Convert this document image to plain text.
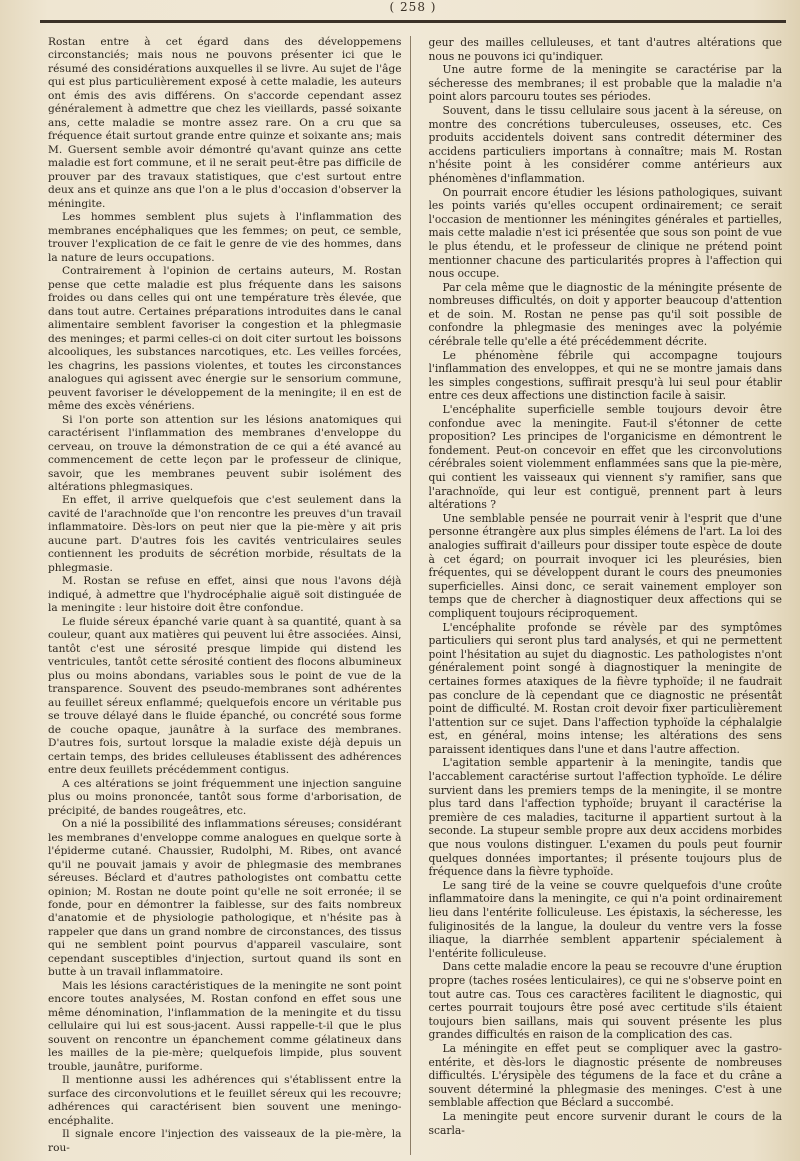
( 258 )

Rostan entre à cet égard dans des développemens circonstanciés; mais nous ne pouvons présenter ici que le résumé des considérations auxquelles il se livre. Au sujet de l'âge qui est plus particulièrement exposé à cette maladie, les auteurs ont émis des avis différens. On s'accorde cependant assez généralement à admettre que chez les vieillards, passé soixante ans, cette maladie se montre assez rare. On a cru que sa fréquence était surtout grande entre quinze et soixante ans; mais M. Guersent semble avoir démontré qu'avant quinze ans cette maladie est fort commune, et il ne serait peut-être pas difficile de prouver par des travaux statistiques, que c'est surtout entre deux ans et quinze ans que l'on a le plus d'occasion d'observer la méningite.

Les hommes semblent plus sujets à l'inflammation des membranes encéphaliques que les femmes; on peut, ce semble, trouver l'explication de ce fait le genre de vie des hommes, dans la nature de leurs occupations.

Contrairement à l'opinion de certains auteurs, M. Rostan pense que cette maladie est plus fréquente dans les saisons froides ou dans celles qui ont une température très élevée, que dans tout autre. Certaines préparations introduites dans le canal alimentaire semblent favoriser la congestion et la phlegmasie des meninges; et parmi celles-ci on doit citer surtout les boissons alcooliques, les substances narcotiques, etc. Les veilles forcées, les chagrins, les passions violentes, et toutes les circonstances analogues qui agissent avec énergie sur le sensorium commune, peuvent favoriser le développement de la meningite; il en est de même des excès vénériens.

Si l'on porte son attention sur les lésions anatomiques qui caractérisent l'inflammation des membranes d'enveloppe du cerveau, on trouve la démonstration de ce qui a été avancé au commencement de cette leçon par le professeur de clinique, savoir, que les membranes peuvent subir isolément des altérations phlegmasiques.

En effet, il arrive quelquefois que c'est seulement dans la cavité de l'arachnoïde que l'on rencontre les preuves d'un travail inflammatoire. Dès-lors on peut nier que la pie-mère y ait pris aucune part. D'autres fois les cavités ventriculaires seules contiennent les produits de sécrétion morbide, résultats de la phlegmasie.

M. Rostan se refuse en effet, ainsi que nous l'avons déjà indiqué, à admettre que l'hydrocéphalie aiguë soit distinguée de la meningite : leur histoire doit être confondue.

Le fluide séreux épanché varie quant à sa quantité, quant à sa couleur, quant aux matières qui peuvent lui être associées. Ainsi, tantôt c'est une sérosité presque limpide qui distend les ventricules, tantôt cette sérosité contient des flocons albumineux plus ou moins abondans, variables sous le point de vue de la transparence. Souvent des pseudo-membranes sont adhérentes au feuillet séreux enflammé; quelquefois encore un véritable pus se trouve délayé dans le fluide épanché, ou concrété sous forme de couche opaque, jaunâtre à la surface des membranes. D'autres fois, surtout lorsque la maladie existe déjà depuis un certain temps, des brides celluleuses établissent des adhérences entre deux feuillets précédemment contigus.

A ces altérations se joint fréquemment une injection sanguine plus ou moins prononcée, tantôt sous forme d'arborisation, de précipité, de bandes rougeâtres, etc.

On a nié la possibilité des inflammations séreuses; considérant les membranes d'enveloppe comme analogues en quelque sorte à l'épiderme cutané. Chaussier, Rudolphi, M. Ribes, ont avancé qu'il ne pouvait jamais y avoir de phlegmasie des membranes séreuses. Béclard et d'autres pathologistes ont combattu cette opinion; M. Rostan ne doute point qu'elle ne soit erronée; il se fonde, pour en démontrer la faiblesse, sur des faits nombreux d'anatomie et de physiologie pathologique, et n'hésite pas à rappeler que dans un grand nombre de circonstances, des tissus qui ne semblent point pourvus d'appareil vasculaire, sont cependant susceptibles d'injection, surtout quand ils sont en butte à un travail inflammatoire.

Mais les lésions caractéristiques de la meningite ne sont point encore toutes analysées, M. Rostan confond en effet sous une même dénomination, l'inflammation de la meningite et du tissu cellulaire qui lui est sous-jacent. Aussi rappelle-t-il que le plus souvent on rencontre un épanchement comme gélatineux dans les mailles de la pie-mère; quelquefois limpide, plus souvent trouble, jaunâtre, puriforme.

Il mentionne aussi les adhérences qui s'établissent entre la surface des circonvolutions et le feuillet séreux qui les recouvre; adhérences qui caractérisent bien souvent une meningo-encéphalite.

Il signale encore l'injection des vaisseaux de la pie-mère, la rou-

geur des mailles celluleuses, et tant d'autres altérations que nous ne pouvons ici qu'indiquer.

Une autre forme de la meningite se caractérise par la sécheresse des membranes; il est probable que la maladie n'a point alors parcouru toutes ses périodes.

Souvent, dans le tissu cellulaire sous jacent à la séreuse, on montre des concrétions tuberculeuses, osseuses, etc. Ces produits accidentels doivent sans contredit déterminer des accidens particuliers importans à connaître; mais M. Rostan n'hésite point à les considérer comme antérieurs aux phénomènes d'inflammation.

On pourrait encore étudier les lésions pathologiques, suivant les points variés qu'elles occupent ordinairement; ce serait l'occasion de mentionner les méningites générales et partielles, mais cette maladie n'est ici présentée que sous son point de vue le plus étendu, et le professeur de clinique ne prétend point mentionner chacune des particularités propres à l'affection qui nous occupe.

Par cela même que le diagnostic de la méningite présente de nombreuses difficultés, on doit y apporter beaucoup d'attention et de soin. M. Rostan ne pense pas qu'il soit possible de confondre la phlegmasie des meninges avec la polyémie cérébrale telle qu'elle a été précédemment décrite.

Le phénomène fébrile qui accompagne toujours l'inflammation des enveloppes, et qui ne se montre jamais dans les simples congestions, suffirait presqu'à lui seul pour établir entre ces deux affections une distinction facile à saisir.

L'encéphalite superficielle semble toujours devoir être confondue avec la meningite. Faut-il s'étonner de cette proposition? Les principes de l'organicisme en démontrent le fondement. Peut-on concevoir en effet que les circonvolutions cérébrales soient violemment enflammées sans que la pie-mère, qui contient les vaisseaux qui viennent s'y ramifier, sans que l'arachnoïde, qui leur est contiguë, prennent part à leurs altérations ?

Une semblable pensée ne pourrait venir à l'esprit que d'une personne étrangère aux plus simples élémens de l'art. La loi des analogies suffirait d'ailleurs pour dissiper toute espèce de doute à cet égard; on pourrait invoquer ici les pleurésies, bien fréquentes, qui se développent durant le cours des pneumonies superficielles. Ainsi donc, ce serait vainement employer son temps que de chercher à diagnostiquer deux affections qui se compliquent toujours réciproquement.

L'encéphalite profonde se révèle par des symptômes particuliers qui seront plus tard analysés, et qui ne permettent point l'hésitation au sujet du diagnostic. Les pathologistes n'ont généralement point songé à diagnostiquer la meningite de certaines formes ataxiques de la fièvre typhoïde; il ne faudrait pas conclure de là cependant que ce diagnostic ne présentât point de difficulté. M. Rostan croit devoir fixer particulièrement l'attention sur ce sujet. Dans l'affection typhoïde la céphalalgie est, en général, moins intense; les altérations des sens paraissent identiques dans l'une et dans l'autre affection.

L'agitation semble appartenir à la meningite, tandis que l'accablement caractérise surtout l'affection typhoïde. Le délire survient dans les premiers temps de la meningite, il se montre plus tard dans l'affection typhoïde; bruyant il caractérise la première de ces maladies, taciturne il appartient surtout à la seconde. La stupeur semble propre aux deux accidens morbides que nous voulons distinguer. L'examen du pouls peut fournir quelques données importantes; il présente toujours plus de fréquence dans la fièvre typhoïde.

Le sang tiré de la veine se couvre quelquefois d'une croûte inflammatoire dans la meningite, ce qui n'a point ordinairement lieu dans l'entérite folliculeuse. Les épistaxis, la sécheresse, les fuliginosités de la langue, la douleur du ventre vers la fosse iliaque, la diarrhée semblent appartenir spécialement à l'entérite folliculeuse.

Dans cette maladie encore la peau se recouvre d'une éruption propre (taches rosées lenticulaires), ce qui ne s'observe point en tout autre cas. Tous ces caractères facilitent le diagnostic, qui certes pourrait toujours être posé avec certitude s'ils étaient toujours bien saillans, mais qui souvent présente les plus grandes difficultés en raison de la complication des cas.

La méningite en effet peut se compliquer avec la gastro-entérite, et dès-lors le diagnostic présente de nombreuses difficultés. L'érysipèle des tégumens de la face et du crâne a souvent déterminé la phlegmasie des meninges. C'est à une semblable affection que Béclard a succombé.

La meningite peut encore survenir durant le cours de la scarla-
